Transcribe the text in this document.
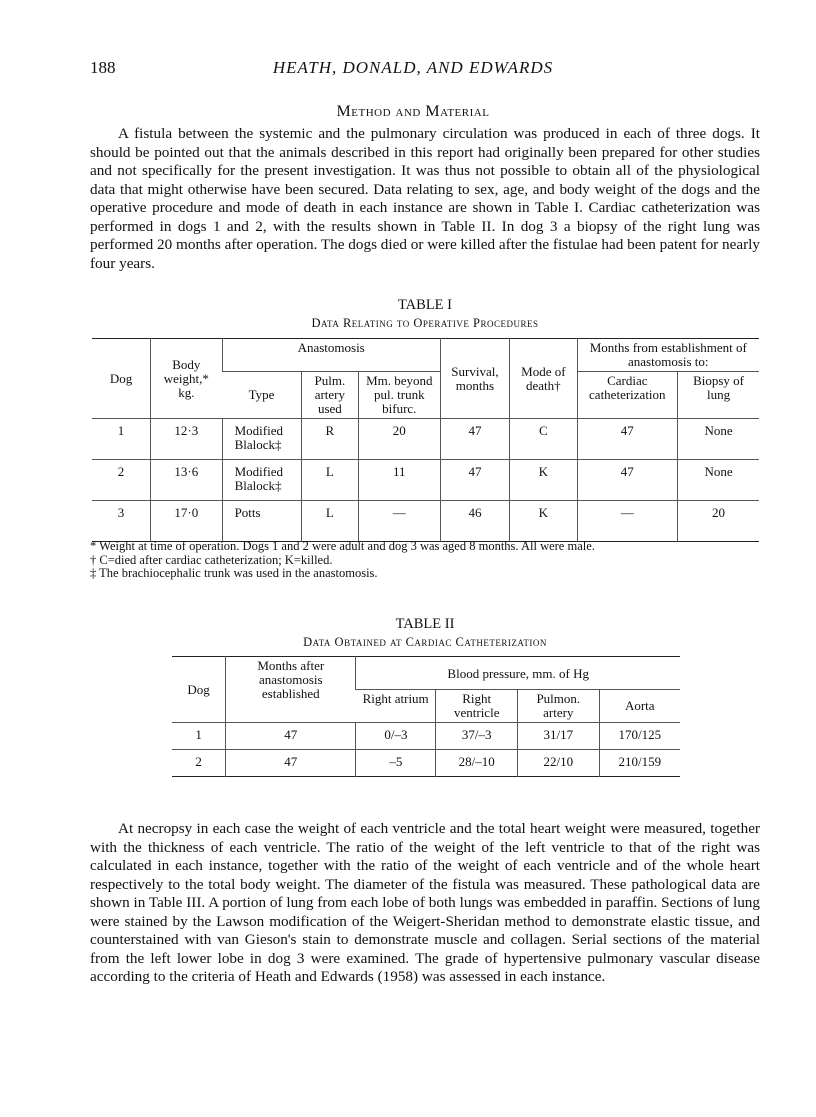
188	HEATH, DONALD, AND EDWARDS
Method and Material

A fistula between the systemic and the pulmonary circulation was produced in each of three dogs. It should be pointed out that the animals described in this report had originally been prepared for other studies and not specifically for the present investigation. It was thus not possible to obtain all of the physiological data that might otherwise have been secured. Data relating to sex, age, and body weight of the dogs and the operative procedure and mode of death in each instance are shown in Table I. Cardiac catheterization was performed in dogs 1 and 2, with the results shown in Table II. In dog 3 a biopsy of the right lung was performed 20 months after operation. The dogs died or were killed after the fistulae had been patent for nearly four years.

TABLE I
Data Relating to Operative Procedures
Dog	Body weight,* kg.	Anastomosis			Survival, months	Mode of death†	Months from establishment of anastomosis to:	
		Type	Pulm. artery used	Mm. beyond pul. trunk bifurc.			Cardiac catheterization	Biopsy of lung
1	12·3	Modified Blalock‡	R	20	47	C	47	None
2	13·6	Modified Blalock‡	L	11	47	K	47	None
3	17·0	Potts	L	—	46	K	—	20
* Weight at time of operation. Dogs 1 and 2 were adult and dog 3 was aged 8 months. All were male.
† C=died after cardiac catheterization; K=killed.
‡ The brachiocephalic trunk was used in the anastomosis.
TABLE II
Data Obtained at Cardiac Catheterization
Dog	Months after anastomosis established	Blood pressure, mm. of Hg			
		Right atrium	Right ventricle	Pulmon. artery	Aorta
1	47	0/–3	37/–3	31/17	170/125
2	47	–5	28/–10	22/10	210/159

At necropsy in each case the weight of each ventricle and the total heart weight were measured, together with the thickness of each ventricle. The ratio of the weight of the left ventricle to that of the right was calculated in each instance, together with the ratio of the weight of each ventricle and of the whole heart respectively to the total body weight. The diameter of the fistula was measured. These pathological data are shown in Table III. A portion of lung from each lobe of both lungs was embedded in paraffin. Sections of lung were stained by the Lawson modification of the Weigert-Sheridan method to demonstrate elastic tissue, and counterstained with van Gieson's stain to demonstrate muscle and collagen. Serial sections of the material from the left lower lobe in dog 3 were examined. The grade of hypertensive pulmonary vascular disease according to the criteria of Heath and Edwards (1958) was assessed in each instance.
